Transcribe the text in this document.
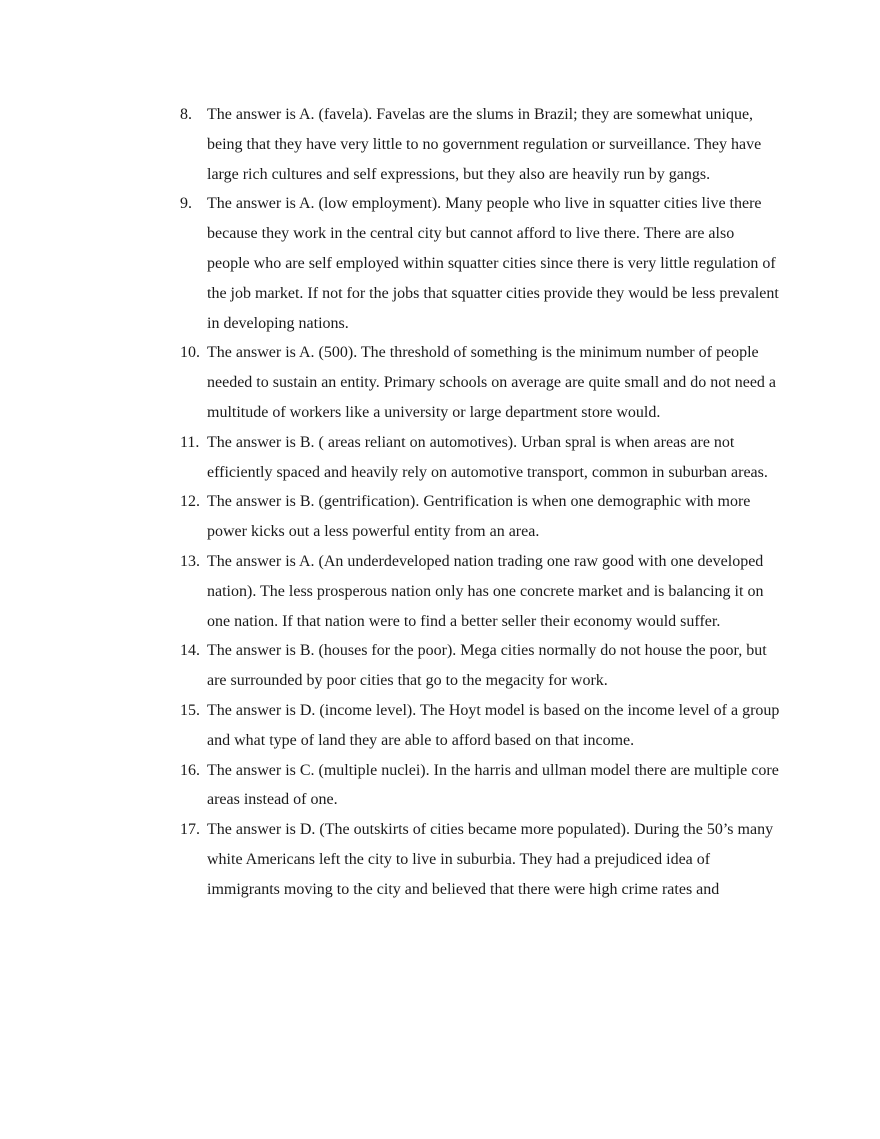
8. The answer is A. (favela). Favelas are the slums in Brazil; they are somewhat unique, being that they have very little to no government regulation or surveillance. They have large rich cultures and self expressions, but they also are heavily run by gangs.
9. The answer is A. (low employment). Many people who live in squatter cities live there because they work in the central city but cannot afford to live there. There are also people who are self employed within squatter cities since there is very little regulation of the job market. If not for the jobs that squatter cities provide they would be less prevalent in developing nations.
10. The answer is A. (500). The threshold of something is the minimum number of people needed to sustain an entity. Primary schools on average are quite small and do not need a multitude of workers like a university or large department store would.
11. The answer is B. ( areas reliant on automotives). Urban spral is when areas are not efficiently spaced and heavily rely on automotive transport, common in suburban areas.
12. The answer is B. (gentrification). Gentrification is when one demographic with more power kicks out a less powerful entity from an area.
13. The answer is A. (An underdeveloped nation trading one raw good with one developed nation). The less prosperous nation only has one concrete market and is balancing it on one nation. If that nation were to find a better seller their economy would suffer.
14. The answer is B. (houses for the poor). Mega cities normally do not house the poor, but are surrounded by poor cities that go to the megacity for work.
15. The answer is D. (income level). The Hoyt model is based on the income level of a group and what type of land they are able to afford based on that income.
16. The answer is C. (multiple nuclei). In the harris and ullman model there are multiple core areas instead of one.
17. The answer is D. (The outskirts of cities became more populated). During the 50’s many white Americans left the city to live in suburbia. They had a prejudiced idea of immigrants moving to the city and believed that there were high crime rates and
